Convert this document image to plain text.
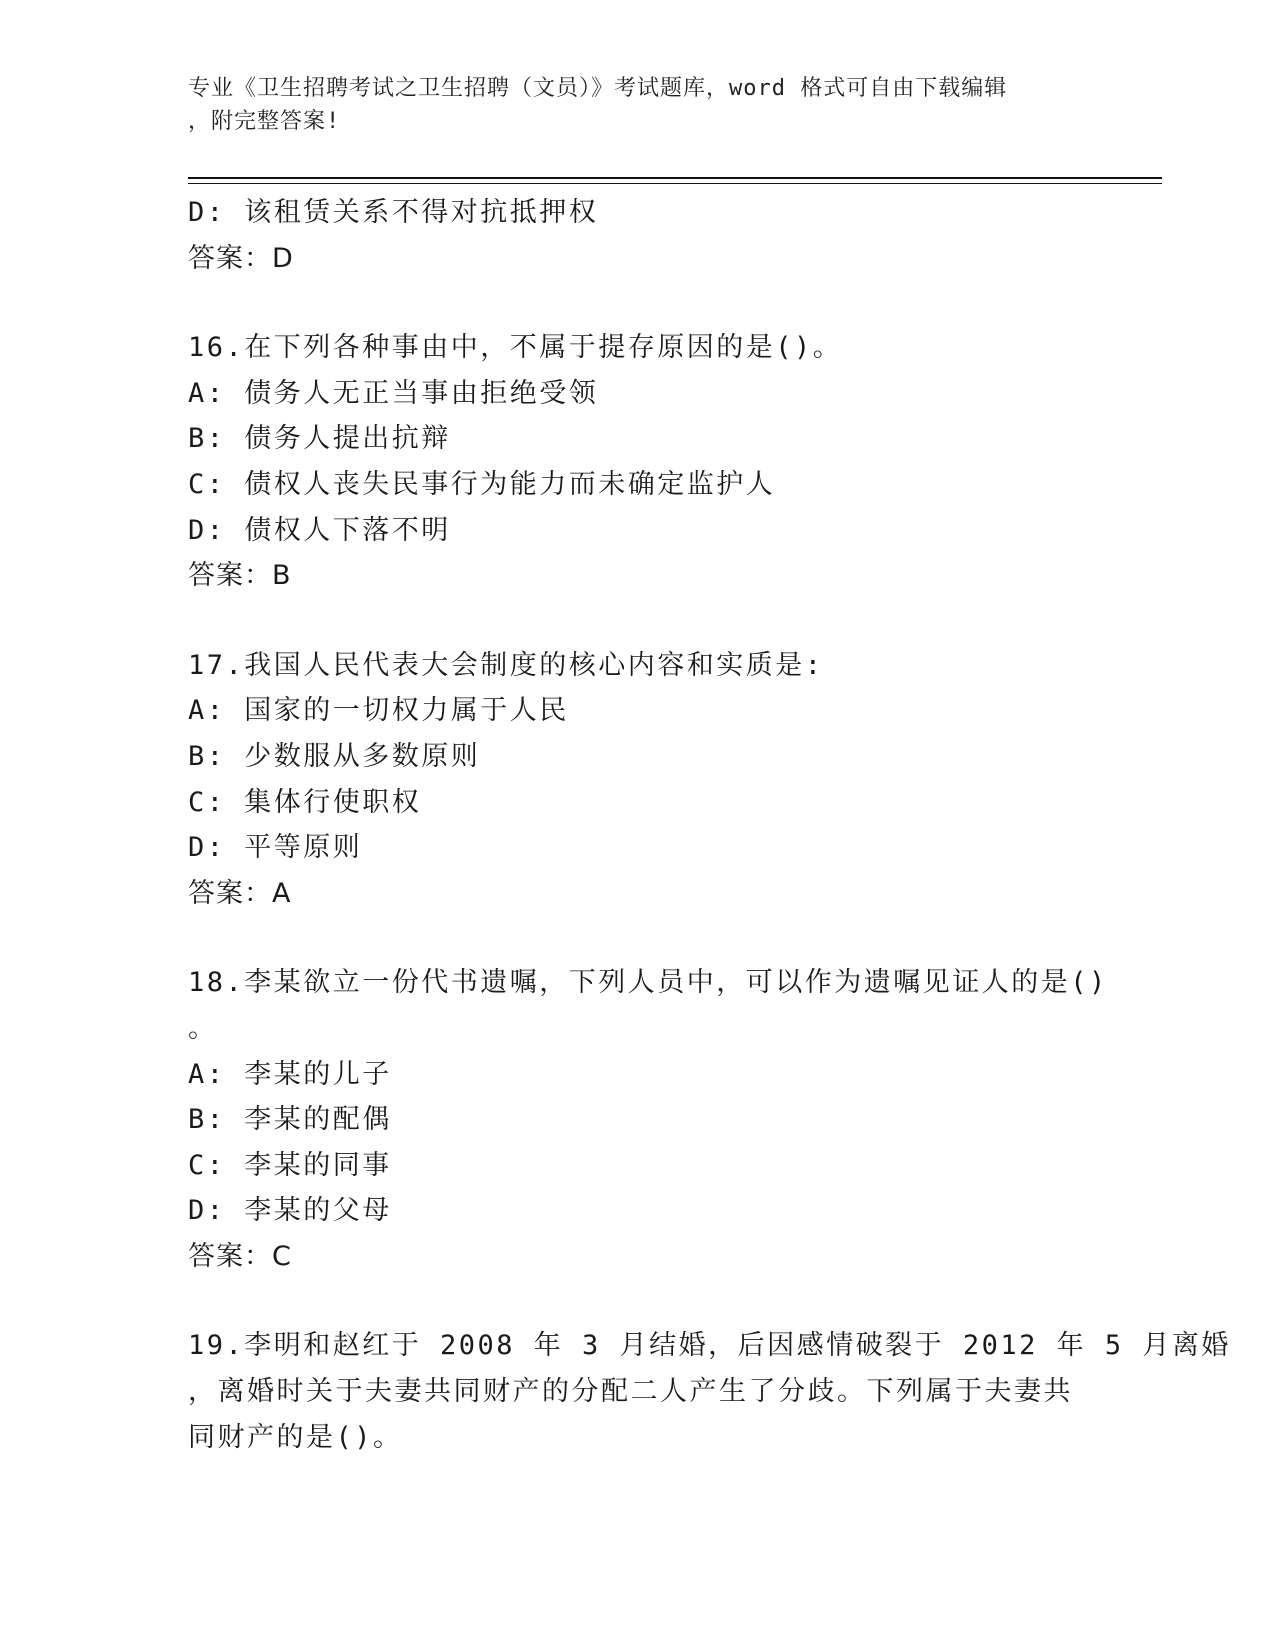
专业《卫生招聘考试之卫生招聘（文员）》考试题库，word 格式可自由下载编辑
，附完整答案!
D: 该租赁关系不得对抗抵押权
答案：D
16.在下列各种事由中，不属于提存原因的是()。
A: 债务人无正当事由拒绝受领
B: 债务人提出抗辩
C: 债权人丧失民事行为能力而未确定监护人
D: 债权人下落不明
答案：B
17.我国人民代表大会制度的核心内容和实质是:
A: 国家的一切权力属于人民
B: 少数服从多数原则
C: 集体行使职权
D: 平等原则
答案：A
18.李某欲立一份代书遗嘱，下列人员中，可以作为遗嘱见证人的是()
。
A: 李某的儿子
B: 李某的配偶
C: 李某的同事
D: 李某的父母
答案：C
19.李明和赵红于 2008 年 3 月结婚，后因感情破裂于 2012 年 5 月离婚
，离婚时关于夫妻共同财产的分配二人产生了分歧。下列属于夫妻共
同财产的是()。
